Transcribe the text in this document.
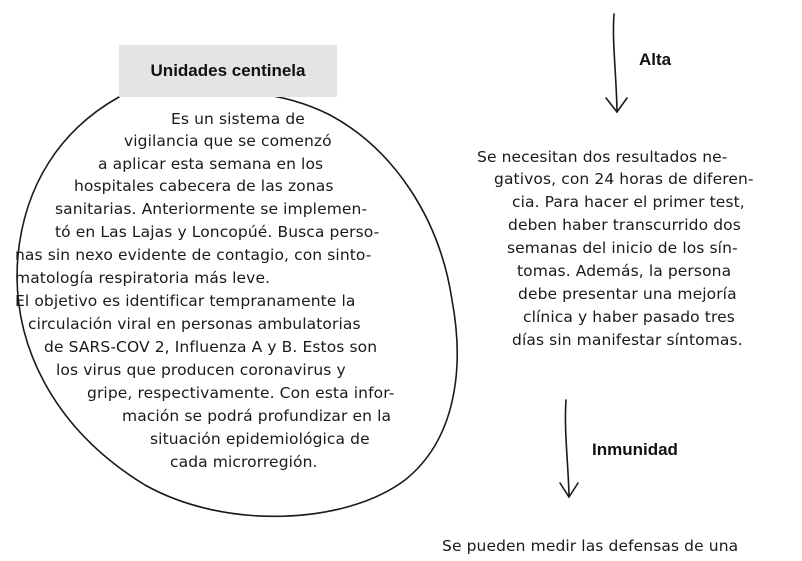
Unidades centinela
Es un sistema de
vigilancia que se comenzó
a aplicar esta semana en los
hospitales cabecera de las zonas
sanitarias. Anteriormente se implemen-
tó en Las Lajas y Loncopúé. Busca perso-
nas sin nexo evidente de contagio, con sinto-
matología respiratoria más leve.
El objetivo es identificar tempranamente la
circulación viral en personas ambulatorias
de SARS-COV 2, Influenza A y B. Estos son
los virus que producen coronavirus y
gripe, respectivamente. Con esta infor-
mación se podrá profundizar en la
situación epidemiológica de
cada microrregión.
Alta
Se necesitan dos resultados ne-
gativos, con 24 horas de diferen-
cia. Para hacer el primer test,
deben haber transcurrido dos
semanas del inicio de los sín-
tomas. Además, la persona
debe presentar una mejoría
clínica y haber pasado tres
días sin manifestar síntomas.
Inmunidad
Se pueden medir las defensas de una
